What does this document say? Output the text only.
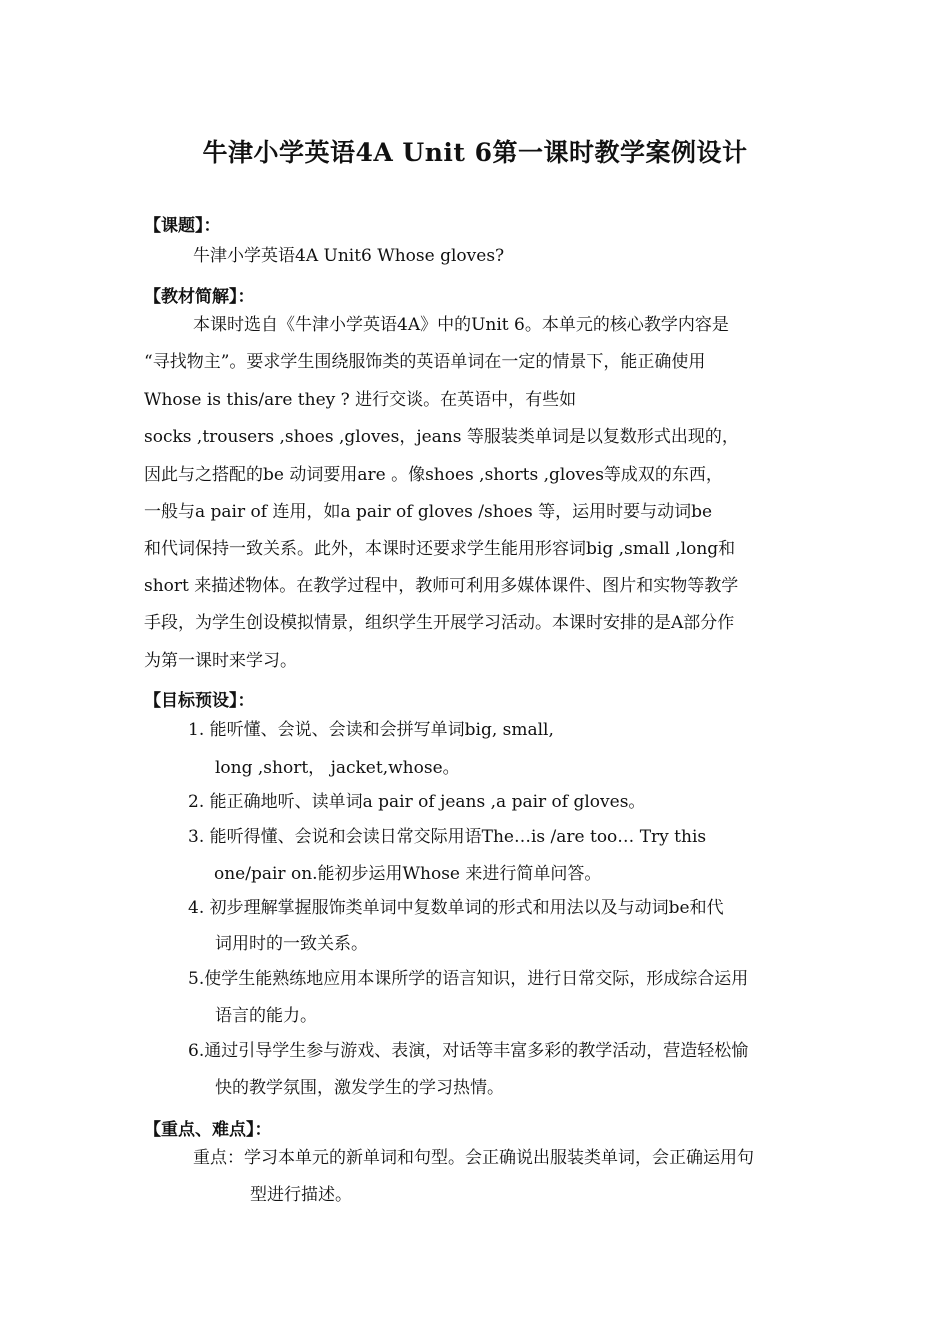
牛津小学英语4A Unit 6第一课时教学案例设计
【课题】：
牛津小学英语4A Unit6 Whose gloves?
【教材简解】：
本课时选自《牛津小学英语4A》中的Unit 6。本单元的核心教学内容是
“寻找物主”。要求学生围绕服饰类的英语单词在一定的情景下，能正确使用
Whose is this/are they ? 进行交谈。在英语中，有些如
socks ,trousers ,shoes ,gloves，jeans 等服装类单词是以复数形式出现的，
因此与之搭配的be 动词要用are 。像shoes ,shorts ,gloves等成双的东西，
一般与a pair of 连用，如a pair of gloves /shoes 等，运用时要与动词be
和代词保持一致关系。此外，本课时还要求学生能用形容词big ,small ,long和
short 来描述物体。在教学过程中，教师可利用多媒体课件、图片和实物等教学
手段，为学生创设模拟情景，组织学生开展学习活动。本课时安排的是A部分作
为第一课时来学习。
【目标预设】：
1. 能听懂、会说、会读和会拼写单词big, small,
long ,short， jacket,whose。
2. 能正确地听、读单词a pair of jeans ,a pair of gloves。
3. 能听得懂、会说和会读日常交际用语The…is /are too… Try this
one/pair on.能初步运用Whose 来进行简单问答。
4. 初步理解掌握服饰类单词中复数单词的形式和用法以及与动词be和代
词用时的一致关系。
5.使学生能熟练地应用本课所学的语言知识，进行日常交际，形成综合运用
语言的能力。
6.通过引导学生参与游戏、表演，对话等丰富多彩的教学活动，营造轻松愉
快的教学氛围，激发学生的学习热情。
【重点、难点】：
重点：学习本单元的新单词和句型。会正确说出服装类单词，会正确运用句
型进行描述。
